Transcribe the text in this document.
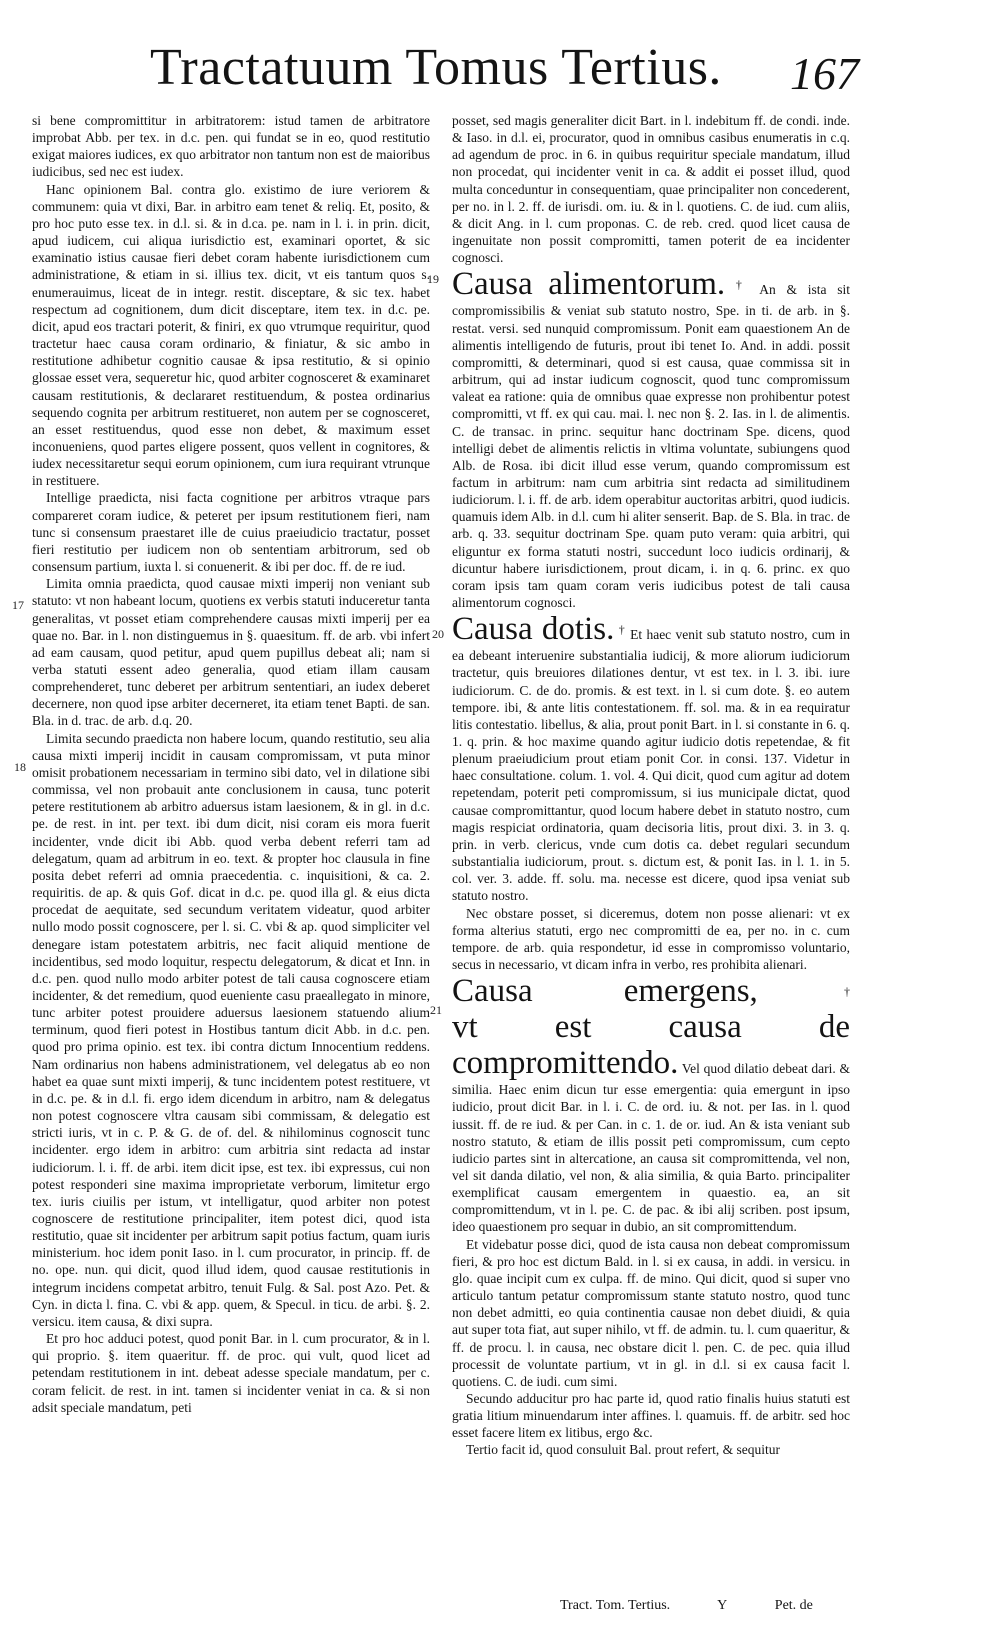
Tractatuum Tomus Tertius. 167
19
17
20
18
21

si bene compromittitur in arbitratorem: istud tamen de arbitratore improbat Abb. per tex. in d.c. pen. qui fundat se in eo, quod restitutio exigat maiores iudices, ex quo arbitrator non tantum non est de maioribus iudicibus, sed nec est iudex.

Hanc opinionem Bal. contra glo. existimo de iure veriorem & communem: quia vt dixi, Bar. in arbitro eam tenet & reliq. Et, posito, & pro hoc puto esse tex. in d.l. si. & in d.ca. pe. nam in l. i. in prin. dicit, apud iudicem, cui aliqua iurisdictio est, examinari oportet, & sic examinatio istius causae fieri debet coram habente iurisdictionem cum administratione, & etiam in si. illius tex. dicit, vt eis tantum quos s. enumerauimus, liceat de in integr. restit. disceptare, & sic tex. habet respectum ad cognitionem, dum dicit disceptare, item tex. in d.c. pe. dicit, apud eos tractari poterit, & finiri, ex quo vtrumque requiritur, quod tractetur haec causa coram ordinario, & finiatur, & sic ambo in restitutione adhibetur cognitio causae & ipsa restitutio, & si opinio glossae esset vera, sequeretur hic, quod arbiter cognosceret & examinaret causam restitutionis, & declararet restituendum, & postea ordinarius sequendo cognita per arbitrum restitueret, non autem per se cognosceret, an esset restituendus, quod esse non debet, & maximum esset inconueniens, quod partes eligere possent, quos vellent in cognitores, & iudex necessitaretur sequi eorum opinionem, cum iura requirant vtrunque in restituere.

Intellige praedicta, nisi facta cognitione per arbitros vtraque pars compareret coram iudice, & peteret per ipsum restitutionem fieri, nam tunc si consensum praestaret ille de cuius praeiudicio tractatur, posset fieri restitutio per iudicem non ob sententiam arbitrorum, sed ob consensum partium, iuxta l. si conuenerit. & ibi per doc. ff. de re iud.

Limita omnia praedicta, quod causae mixti imperij non veniant sub statuto: vt non habeant locum, quotiens ex verbis statuti induceretur tanta generalitas, vt posset etiam comprehendere causas mixti imperij per ea quae no. Bar. in l. non distinguemus in §. quaesitum. ff. de arb. vbi infert ad eam causam, quod petitur, apud quem pupillus debeat ali; nam si verba statuti essent adeo generalia, quod etiam illam causam comprehenderet, tunc deberet per arbitrum sententiari, an iudex deberet decernere, non quod ipse arbiter decerneret, ita etiam tenet Bapti. de san. Bla. in d. trac. de arb. d.q. 20.

Limita secundo praedicta non habere locum, quando restitutio, seu alia causa mixti imperij incidit in causam compromissam, vt puta minor omisit probationem necessariam in termino sibi dato, vel in dilatione sibi commissa, vel non probauit ante conclusionem in causa, tunc poterit petere restitutionem ab arbitro aduersus istam laesionem, & in gl. in d.c. pe. de rest. in int. per text. ibi dum dicit, nisi coram eis mora fuerit incidenter, vnde dicit ibi Abb. quod verba debent referri tam ad delegatum, quam ad arbitrum in eo. text. & propter hoc clausula in fine posita debet referri ad omnia praecedentia. c. inquisitioni, & ca. 2. requiritis. de ap. & quis Gof. dicat in d.c. pe. quod illa gl. & eius dicta procedat de aequitate, sed secundum veritatem videatur, quod arbiter nullo modo possit cognoscere, per l. si. C. vbi & ap. quod simpliciter vel denegare istam potestatem arbitris, nec facit aliquid mentione de incidentibus, sed modo loquitur, respectu delegatorum, & dicat et Inn. in d.c. pen. quod nullo modo arbiter potest de tali causa cognoscere etiam incidenter, & det remedium, quod eueniente casu praeallegato in minore, tunc arbiter potest prouidere aduersus laesionem statuendo alium terminum, quod fieri potest in Hostibus tantum dicit Abb. in d.c. pen. quod pro prima opinio. est tex. ibi contra dictum Innocentium reddens. Nam ordinarius non habens administrationem, vel delegatus ab eo non habet ea quae sunt mixti imperij, & tunc incidentem potest restituere, vt in d.c. pe. & in d.l. fi. ergo idem dicendum in arbitro, nam & delegatus non potest cognoscere vltra causam sibi commissam, & delegatio est stricti iuris, vt in c. P. & G. de of. del. & nihilominus cognoscit tunc incidenter. ergo idem in arbitro: cum arbitria sint redacta ad instar iudiciorum. l. i. ff. de arbi. item dicit ipse, est tex. ibi expressus, cui non potest responderi sine maxima improprietate verborum, limitetur ergo tex. iuris ciuilis per istum, vt intelligatur, quod arbiter non potest cognoscere de restitutione principaliter, item potest dici, quod ista restitutio, quae sit incidenter per arbitrum sapit potius factum, quam iuris ministerium. hoc idem ponit Iaso. in l. cum procurator, in princip. ff. de no. ope. nun. qui dicit, quod illud idem, quod causae restitutionis in integrum incidens competat arbitro, tenuit Fulg. & Sal. post Azo. Pet. & Cyn. in dicta l. fina. C. vbi & app. quem, & Specul. in ticu. de arbi. §. 2. versicu. item causa, & dixi supra.

Et pro hoc adduci potest, quod ponit Bar. in l. cum procurator, & in l. qui proprio. §. item quaeritur. ff. de proc. qui vult, quod licet ad petendam restitutionem in int. debeat adesse speciale mandatum, per c. coram felicit. de rest. in int. tamen si incidenter veniat in ca. & si non adsit speciale mandatum, peti

posset, sed magis generaliter dicit Bart. in l. indebitum ff. de condi. inde. & Iaso. in d.l. ei, procurator, quod in omnibus casibus enumeratis in c.q. ad agendum de proc. in 6. in quibus requiritur speciale mandatum, illud non procedat, qui incidenter venit in ca. & addit ei posset illud, quod multa conceduntur in consequentiam, quae principaliter non concederent, per no. in l. 2. ff. de iurisdi. om. iu. & in l. quotiens. C. de iud. cum aliis, & dicit Ang. in l. cum proponas. C. de reb. cred. quod licet causa de ingenuitate non possit compromitti, tamen poterit de ea incidenter cognosci.

Causa alimentorum. † An & ista sit compromissibilis & veniat sub statuto nostro, Spe. in ti. de arb. in §. restat. versi. sed nunquid compromissum. Ponit eam quaestionem An de alimentis intelligendo de futuris, prout ibi tenet Io. And. in addi. possit compromitti, & determinari, quod si est causa, quae commissa sit in arbitrum, qui ad instar iudicum cognoscit, quod tunc compromissum valeat ea ratione: quia de omnibus quae expresse non prohibentur potest compromitti, vt ff. ex qui cau. mai. l. nec non §. 2. Ias. in l. de alimentis. C. de transac. in princ. sequitur hanc doctrinam Spe. dicens, quod intelligi debet de alimentis relictis in vltima voluntate, subiungens quod Alb. de Rosa. ibi dicit illud esse verum, quando compromissum est factum in arbitrum: nam cum arbitria sint redacta ad similitudinem iudiciorum. l. i. ff. de arb. idem operabitur auctoritas arbitri, quod iudicis. quamuis idem Alb. in d.l. cum hi aliter senserit. Bap. de S. Bla. in trac. de arb. q. 33. sequitur doctrinam Spe. quam puto veram: quia arbitri, qui eliguntur ex forma statuti nostri, succedunt loco iudicis ordinarij, & dicuntur habere iurisdictionem, prout dicam, i. in q. 6. princ. ex quo coram ipsis tam quam coram veris iudicibus potest de tali causa alimentorum cognosci.

Causa dotis. † Et haec venit sub statuto nostro, cum in ea debeant interuenire substantialia iudicij, & more aliorum iudiciorum tractetur, quis breuiores dilationes dentur, vt est tex. in l. 3. ibi. iure iudiciorum. C. de do. promis. & est text. in l. si cum dote. §. eo autem tempore. ibi, & ante litis contestationem. ff. sol. ma. & in ea requiratur litis contestatio. libellus, & alia, prout ponit Bart. in l. si constante in 6. q. 1. q. prin. & hoc maxime quando agitur iudicio dotis repetendae, & fit plenum praeiudicium prout etiam ponit Cor. in consi. 137. Videtur in haec consultatione. colum. 1. vol. 4. Qui dicit, quod cum agitur ad dotem repetendam, poterit peti compromissum, si ius municipale dictat, quod causae compromittantur, quod locum habere debet in statuto nostro, cum magis respiciat ordinatoria, quam decisoria litis, prout dixi. 3. in 3. q. prin. in verb. clericus, vnde cum dotis ca. debet regulari secundum substantialia iudiciorum, prout. s. dictum est, & ponit Ias. in l. 1. in 5. col. ver. 3. adde. ff. solu. ma. necesse est dicere, quod ipsa veniat sub statuto nostro.

Nec obstare posset, si diceremus, dotem non posse alienari: vt ex forma alterius statuti, ergo nec compromitti de ea, per no. in c. cum tempore. de arb. quia respondetur, id esse in compromisso voluntario, secus in necessario, vt dicam infra in verbo, res prohibita alienari.

Causa emergens,	† vt est causa de compromittendo. Vel quod dilatio debeat dari. & similia. Haec enim dicun tur esse emergentia: quia emergunt in ipso iudicio, prout dicit Bar. in l. i. C. de ord. iu. & not. per Ias. in l. quod iussit. ff. de re iud. & per Can. in c. 1. de or. iud. An & ista veniant sub nostro statuto, & etiam de illis possit peti compromissum, cum cepto iudicio partes sint in altercatione, an causa sit compromittenda, vel non, vel sit danda dilatio, vel non, & alia similia, & quia Barto. principaliter exemplificat causam emergentem in quaestio. ea, an sit compromittendum, vt in l. pe. C. de pac. & ibi alij scriben. post ipsum, ideo quaestionem pro sequar in dubio, an sit compromittendum.

Et videbatur posse dici, quod de ista causa non debeat compromissum fieri, & pro hoc est dictum Bald. in l. si ex causa, in addi. in versicu. in glo. quae incipit cum ex culpa. ff. de mino. Qui dicit, quod si super vno articulo tantum petatur compromissum stante statuto nostro, quod tunc non debet admitti, eo quia continentia causae non debet diuidi, & quia aut super tota fiat, aut super nihilo, vt ff. de admin. tu. l. cum quaeritur, & ff. de procu. l. in causa, nec obstare dicit l. pen. C. de pec. quia illud processit de voluntate partium, vt in gl. in d.l. si ex causa facit l. quotiens. C. de iudi. cum simi.

Secundo adducitur pro hac parte id, quod ratio finalis huius statuti est gratia litium minuendarum inter affines. l. quamuis. ff. de arbitr. sed hoc esset facere litem ex litibus, ergo &c.

Tertio facit id, quod consuluit Bal. prout refert, & sequitur

Tract. Tom. Tertius.	Y	Pet. de
